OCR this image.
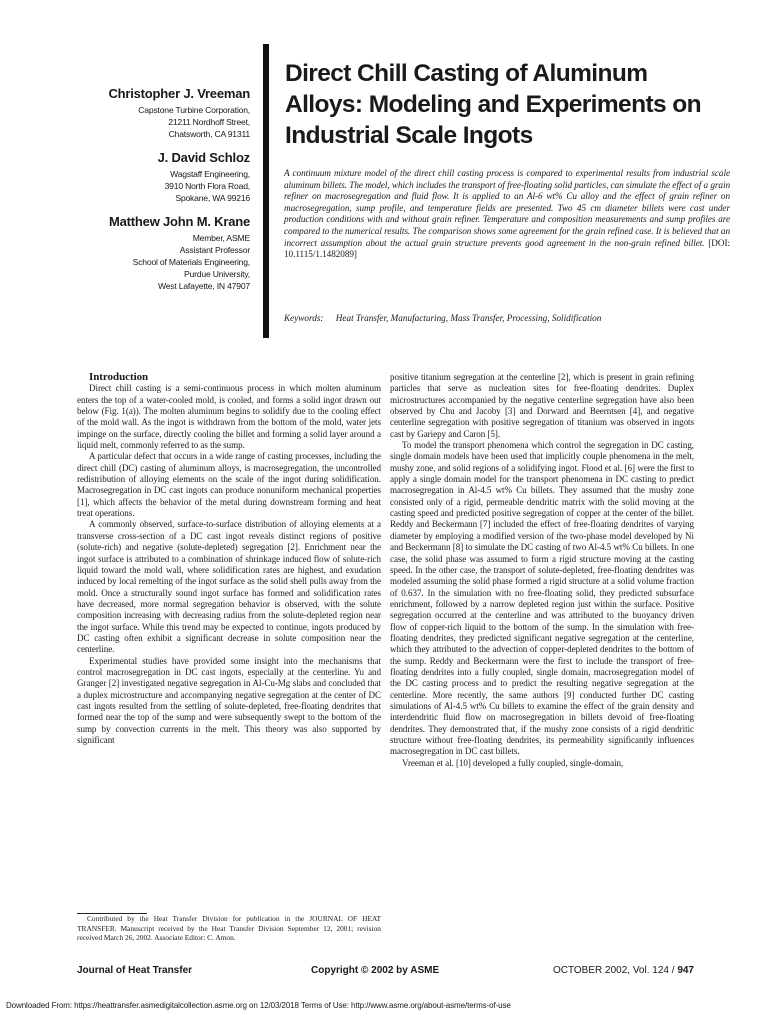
Christopher J. Vreeman
Capstone Turbine Corporation,
21211 Nordhoff Street,
Chatsworth, CA 91311
J. David Schloz
Wagstaff Engineering,
3910 North Flora Road,
Spokane, WA 99216
Matthew John M. Krane
Member, ASME
Assistant Professor
School of Materials Engineering,
Purdue University,
West Lafayette, IN 47907
Direct Chill Casting of Aluminum Alloys: Modeling and Experiments on Industrial Scale Ingots
A continuum mixture model of the direct chill casting process is compared to experimental results from industrial scale aluminum billets. The model, which includes the transport of free-floating solid particles, can simulate the effect of a grain refiner on macrosegregation and fluid flow. It is applied to an Al-6 wt% Cu alloy and the effect of grain refiner on macrosegregation, sump profile, and temperature fields are presented. Two 45 cm diameter billets were cast under production conditions with and without grain refiner. Temperature and composition measurements and sump profiles are compared to the numerical results. The comparison shows some agreement for the grain refined case. It is believed that an incorrect assumption about the actual grain structure prevents good agreement in the non-grain refined billet. [DOI: 10.1115/1.1482089]
Keywords: Heat Transfer, Manufacturing, Mass Transfer, Processing, Solidification

Introduction

Direct chill casting is a semi-continuous process in which molten aluminum enters the top of a water-cooled mold, is cooled, and forms a solid ingot drawn out below (Fig. 1(a)). The molten aluminum begins to solidify due to the cooling effect of the mold wall. As the ingot is withdrawn from the bottom of the mold, water jets impinge on the surface, directly cooling the billet and forming a solid layer around a liquid melt, commonly referred to as the sump.

A particular defect that occurs in a wide range of casting processes, including the direct chill (DC) casting of aluminum alloys, is macrosegregation, the uncontrolled redistribution of alloying elements on the scale of the ingot during solidification. Macrosegregation in DC cast ingots can produce nonuniform mechanical properties [1], which affects the behavior of the metal during downstream forming and heat treat operations.

A commonly observed, surface-to-surface distribution of alloying elements at a transverse cross-section of a DC cast ingot reveals distinct regions of positive (solute-rich) and negative (solute-depleted) segregation [2]. Enrichment near the ingot surface is attributed to a combination of shrinkage induced flow of solute-rich liquid toward the mold wall, where solidification rates are highest, and exudation induced by local remelting of the ingot surface as the solid shell pulls away from the mold. Once a structurally sound ingot surface has formed and solidification rates have decreased, more normal segregation behavior is observed, with the solute composition increasing with decreasing radius from the solute-depleted region near the ingot surface. While this trend may be expected to continue, ingots produced by DC casting often exhibit a significant decrease in solute composition near the centerline.

Experimental studies have provided some insight into the mechanisms that control macrosegregation in DC cast ingots, especially at the centerline. Yu and Granger [2] investigated negative segregation in Al-Cu-Mg slabs and concluded that a duplex microstructure and accompanying negative segregation at the center of DC cast ingots resulted from the settling of solute-depleted, free-floating dendrites that formed near the top of the sump and were subsequently swept to the bottom of the sump by convection currents in the melt. This theory was also supported by significant

Contributed by the Heat Transfer Division for publication in the JOURNAL OF HEAT TRANSFER. Manuscript received by the Heat Transfer Division September 12, 2001; revision received March 26, 2002. Associate Editor: C. Amon.

positive titanium segregation at the centerline [2], which is present in grain refining particles that serve as nucleation sites for free-floating dendrites. Duplex microstructures accompanied by the negative centerline segregation have also been observed by Chu and Jacoby [3] and Dorward and Beerntsen [4], and negative centerline segregation with positive segregation of titanium was observed in ingots cast by Gariepy and Caron [5].

To model the transport phenomena which control the segregation in DC casting, single domain models have been used that implicitly couple phenomena in the melt, mushy zone, and solid regions of a solidifying ingot. Flood et al. [6] were the first to apply a single domain model for the transport phenomena in DC casting to predict macrosegregation in Al-4.5 wt% Cu billets. They assumed that the mushy zone consisted only of a rigid, permeable dendritic matrix with the solid moving at the casting speed and predicted positive segregation of copper at the center of the billet. Reddy and Beckermann [7] included the effect of free-floating dendrites of varying diameter by employing a modified version of the two-phase model developed by Ni and Beckermann [8] to simulate the DC casting of two Al-4.5 wt% Cu billets. In one case, the solid phase was assumed to form a rigid structure moving at the casting speed. In the other case, the transport of solute-depleted, free-floating dendrites was modeled assuming the solid phase formed a rigid structure at a solid volume fraction of 0.637. In the simulation with no free-floating solid, they predicted subsurface enrichment, followed by a narrow depleted region just within the surface. Positive segregation occurred at the centerline and was attributed to the buoyancy driven flow of copper-rich liquid to the bottom of the sump. In the simulation with free-floating dendrites, they predicted significant negative segregation at the centerline, which they attributed to the advection of copper-depleted dendrites to the bottom of the sump. Reddy and Beckermann were the first to include the transport of free-floating dendrites into a fully coupled, single domain, macrosegregation model of the DC casting process and to predict the resulting negative segregation at the centerline. More recently, the same authors [9] conducted further DC casting simulations of Al-4.5 wt% Cu billets to examine the effect of the grain density and interdendritic fluid flow on macrosegregation in billets devoid of free-floating dendrites. They demonstrated that, if the mushy zone consists of a rigid dendritic structure without free-floating dendrites, its permeability significantly influences macrosegregation in DC cast billets.

Vreeman et al. [10] developed a fully coupled, single-domain,

Journal of Heat Transfer	Copyright © 2002 by ASME	OCTOBER 2002, Vol. 124 / 947
Downloaded From: https://heattransfer.asmedigitalcollection.asme.org on 12/03/2018 Terms of Use: http://www.asme.org/about-asme/terms-of-use
